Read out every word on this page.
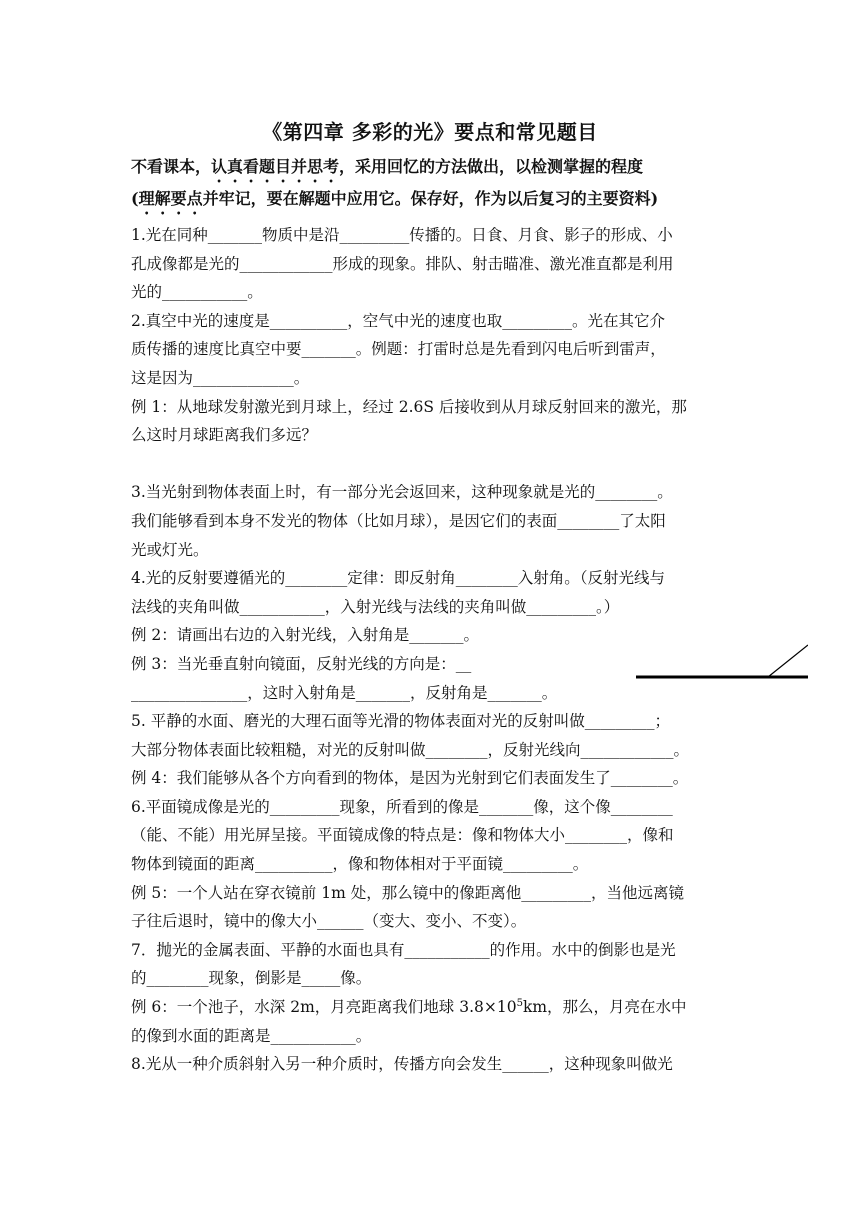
《第四章 多彩的光》要点和常见题目
不看课本，认真看题目并思考，采用回忆的方法做出，以检测掌握的程度
(理解要点并牢记，要在解题中应用它。保存好，作为以后复习的主要资料)

1.光在同种_______物质中是沿_________传播的。日食、月食、影子的形成、小

孔成像都是光的____________形成的现象。排队、射击瞄准、激光准直都是利用

光的___________。

2.真空中光的速度是__________，空气中光的速度也取_________。光在其它介

质传播的速度比真空中要_______。例题：打雷时总是先看到闪电后听到雷声，

这是因为_____________。

例 1：从地球发射激光到月球上，经过 2.6S 后接收到从月球反射回来的激光，那

么这时月球距离我们多远？

3.当光射到物体表面上时，有一部分光会返回来，这种现象就是光的________。

我们能够看到本身不发光的物体（比如月球），是因它们的表面________了太阳

光或灯光。

4.光的反射要遵循光的________定律：即反射角________入射角。（反射光线与

法线的夹角叫做___________，入射光线与法线的夹角叫做_________。）

例 2：请画出右边的入射光线，入射角是_______。

例 3：当光垂直射向镜面，反射光线的方向是：__

_______________，这时入射角是_______，反射角是_______。

5. 平静的水面、磨光的大理石面等光滑的物体表面对光的反射叫做_________；

大部分物体表面比较粗糙，对光的反射叫做________，反射光线向____________。

例 4：我们能够从各个方向看到的物体，是因为光射到它们表面发生了________。

6.平面镜成像是光的_________现象，所看到的像是_______像，这个像________

（能、不能）用光屏呈接。平面镜成像的特点是：像和物体大小________，像和

物体到镜面的距离__________，像和物体相对于平面镜_________。

例 5：一个人站在穿衣镜前 1m 处，那么镜中的像距离他_________，当他远离镜

子往后退时，镜中的像大小______（变大、变小、不变）。

7．抛光的金属表面、平静的水面也具有___________的作用。水中的倒影也是光

的________现象，倒影是_____像。

例 6：一个池子，水深 2m，月亮距离我们地球 $3.8\times 10^5km$，那么，月亮在水中

的像到水面的距离是___________。

8.光从一种介质斜射入另一种介质时，传播方向会发生______，这种现象叫做光
